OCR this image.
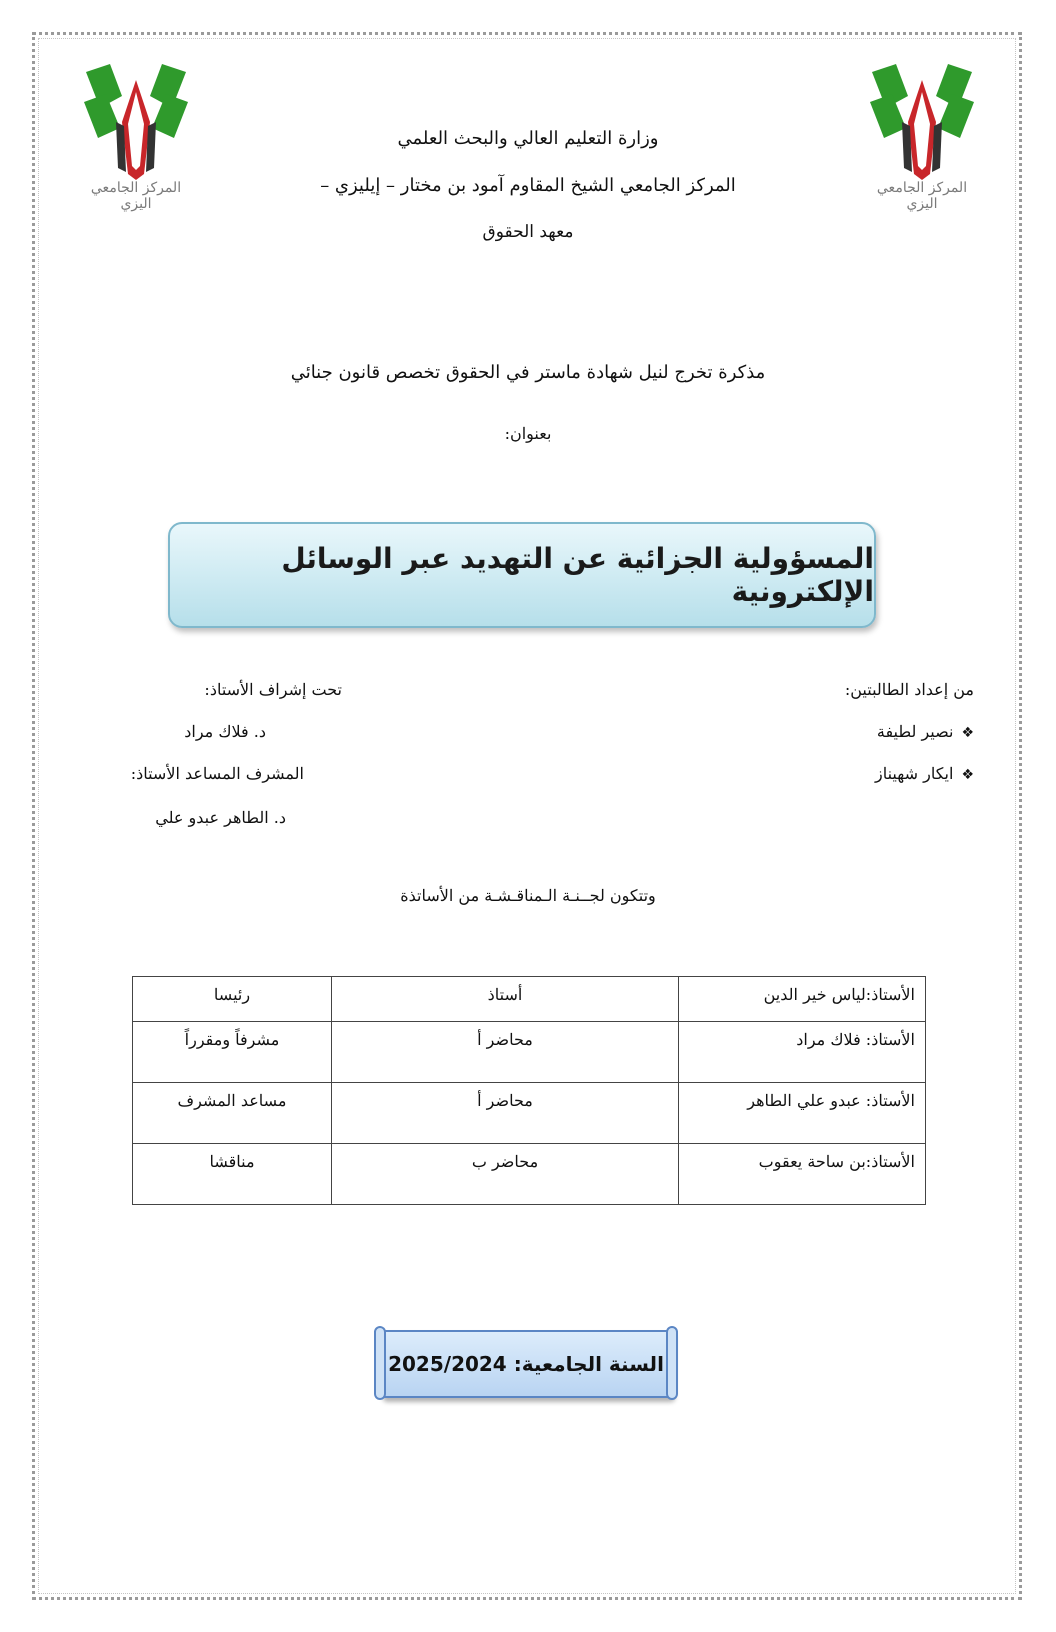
المركز الجامعي اليزي
المركز الجامعي اليزي
وزارة التعليم العالي والبحث العلمي
المركز الجامعي الشيخ المقاوم آمود بن مختار – إيليزي –
معهد الحقوق
مذكرة تخرج لنيل شهادة ماستر في الحقوق تخصص قانون جنائي
بعنوان:
المسؤولية الجزائية عن التهديد عبر الوسائل الإلكترونية
من إعداد الطالبتين:
❖نصير لطيفة
❖ايكار شهيناز
تحت إشراف الأستاذ:
د. فلاك مراد
المشرف المساعد الأستاذ:
د. الطاهر عبدو علي
وتتكون لجــنـة الـمناقـشـة من الأساتذة
الأستاذ:لياس خير الدين	أستاذ	رئيسا
الأستاذ: فلاك مراد	محاضر أ	مشرفاً ومقرراً
الأستاذ: عبدو علي الطاهر	محاضر أ	مساعد المشرف
الأستاذ:بن ساحة يعقوب	محاضر ب	مناقشا
السنة الجامعية: 2025/2024
